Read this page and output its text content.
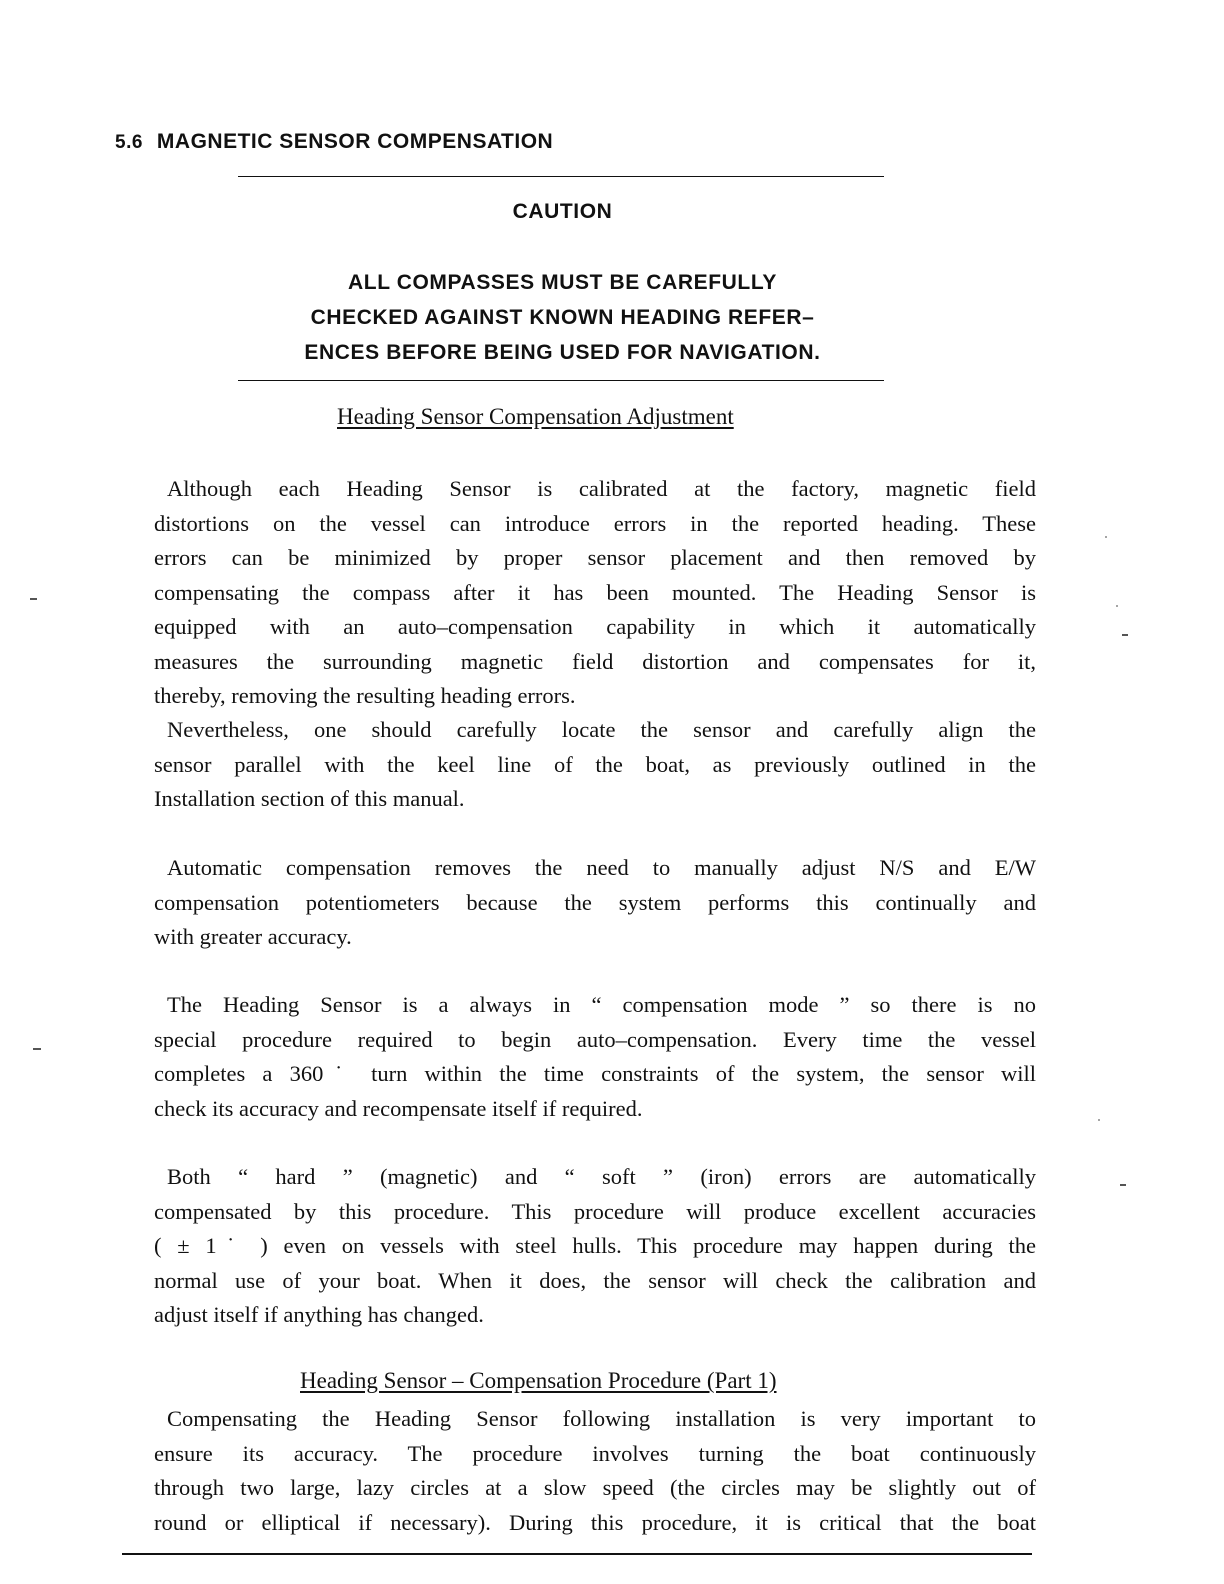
5.6 MAGNETIC SENSOR COMPENSATION
CAUTION
ALL COMPASSES MUST BE CAREFULLY
CHECKED AGAINST KNOWN HEADING REFER–
ENCES BEFORE BEING USED FOR NAVIGATION.
Heading Sensor Compensation Adjustment
Although each Heading Sensor is calibrated at the factory, magnetic field
distortions on the vessel can introduce errors in the reported heading. These
errors can be minimized by proper sensor placement and then removed by
compensating the compass after it has been mounted. The Heading Sensor is
equipped with an auto–compensation capability in which it automatically
measures the surrounding magnetic field distortion and compensates for it,
thereby, removing the resulting heading errors.
Nevertheless, one should carefully locate the sensor and carefully align the
sensor parallel with the keel line of the boat, as previously outlined in the
Installation section of this manual.
Automatic compensation removes the need to manually adjust N/S and E/W
compensation potentiometers because the system performs this continually and
with greater accuracy.
The Heading Sensor is a always in “ compensation mode ” so there is no
special procedure required to begin auto–compensation. Every time the vessel
completes a 360˙ turn within the time constraints of the system, the sensor will
check its accuracy and recompensate itself if required.
Both “ hard ” (magnetic) and “ soft ” (iron) errors are automatically
compensated by this procedure. This procedure will produce excellent accuracies
( ± 1˙ ) even on vessels with steel hulls. This procedure may happen during the
normal use of your boat. When it does, the sensor will check the calibration and
adjust itself if anything has changed.
Heading Sensor – Compensation Procedure (Part 1)
Compensating the Heading Sensor following installation is very important to
ensure its accuracy. The procedure involves turning the boat continuously
through two large, lazy circles at a slow speed (the circles may be slightly out of
round or elliptical if necessary). During this procedure, it is critical that the boat
